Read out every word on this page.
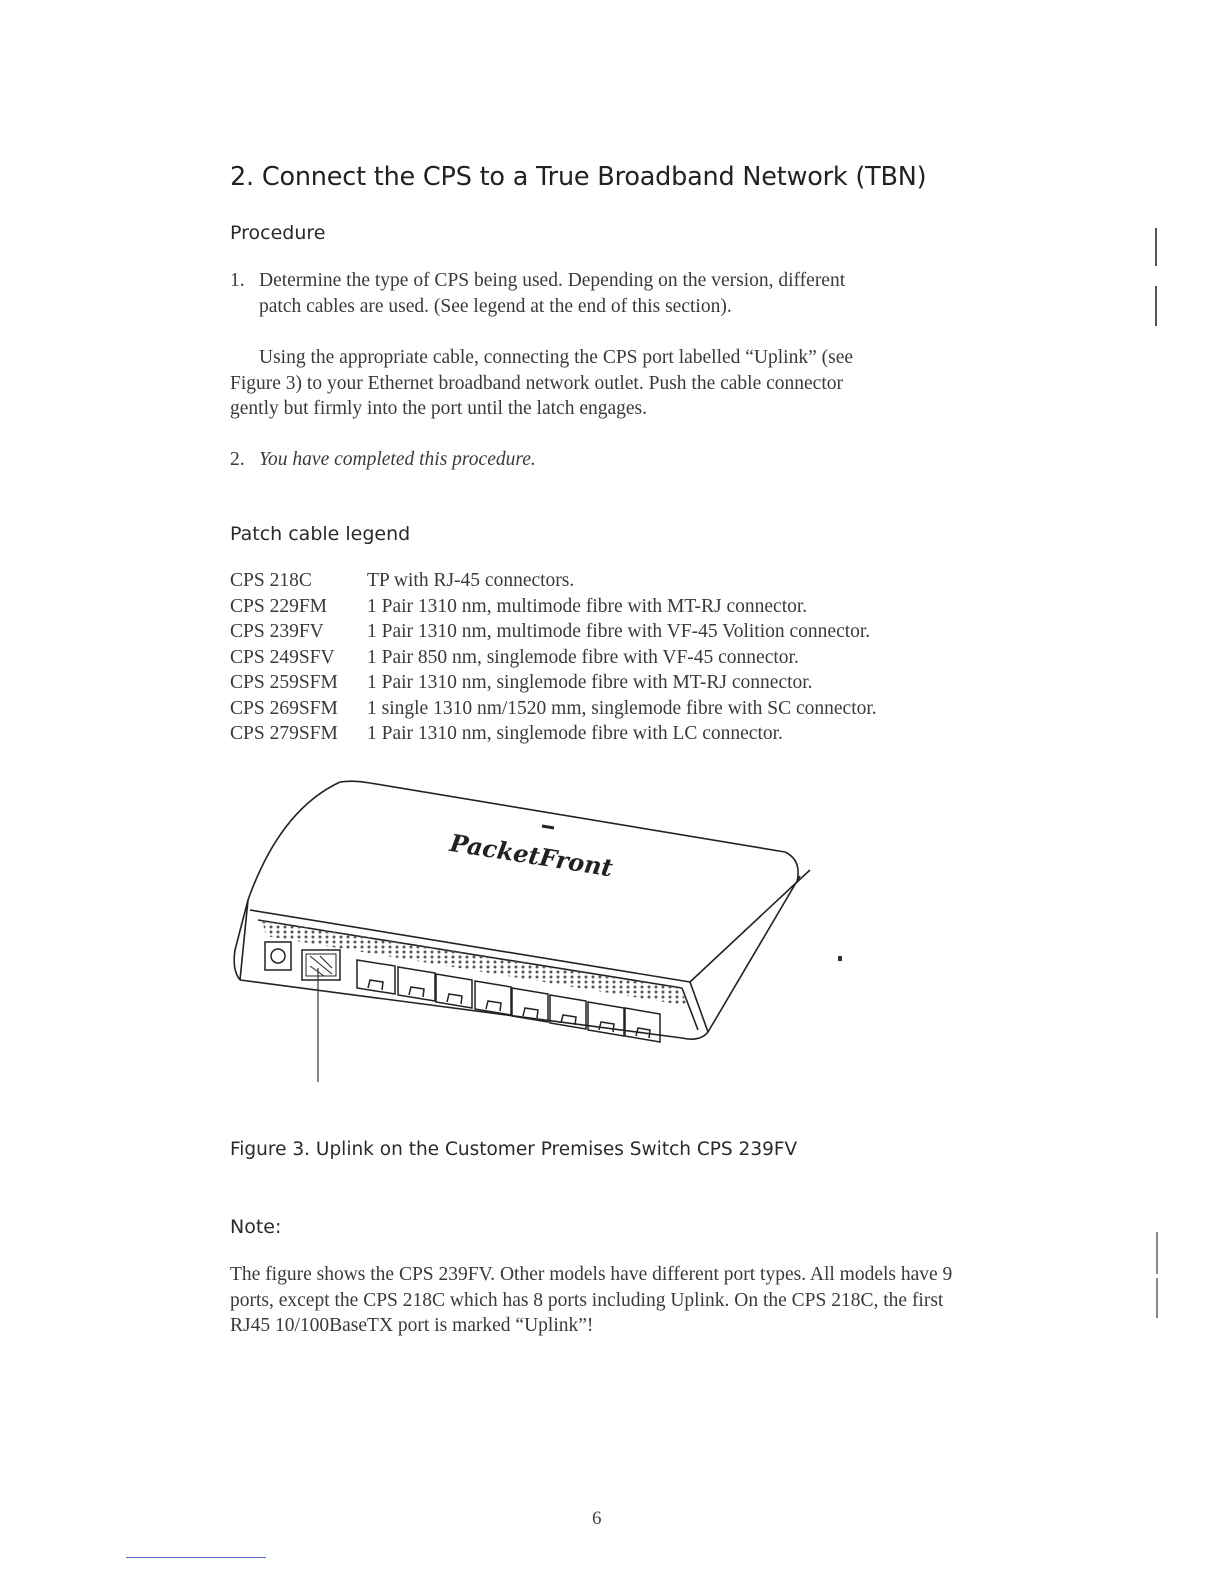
2. Connect the CPS to a True Broadband Network (TBN)
Procedure
1. Determine the type of CPS being used. Depending on the version, different patch cables are used. (See legend at the end of this section).
Using the appropriate cable, connecting the CPS port labelled “Uplink” (see Figure 3) to your Ethernet broadband network outlet. Push the cable connector gently but firmly into the port until the latch engages.
2. You have completed this procedure.
Patch cable legend
CPS 218C	TP with RJ-45 connectors.
CPS 229FM	1 Pair 1310 nm, multimode fibre with MT-RJ connector.
CPS 239FV	1 Pair 1310 nm, multimode fibre with VF-45 Volition connector.
CPS 249SFV	1 Pair 850 nm, singlemode fibre with VF-45 connector.
CPS 259SFM	1 Pair 1310 nm, singlemode fibre with MT-RJ connector.
CPS 269SFM	1 single 1310 nm/1520 mm, singlemode fibre with SC connector.
CPS 279SFM	1 Pair 1310 nm, singlemode fibre with LC connector.
PacketFront
Figure 3. Uplink on the Customer Premises Switch CPS 239FV
Note:
The figure shows the CPS 239FV. Other models have different port types. All models have 9 ports, except the CPS 218C which has 8 ports including Uplink. On the CPS 218C, the first RJ45 10/100BaseTX port is marked “Uplink”!
6
